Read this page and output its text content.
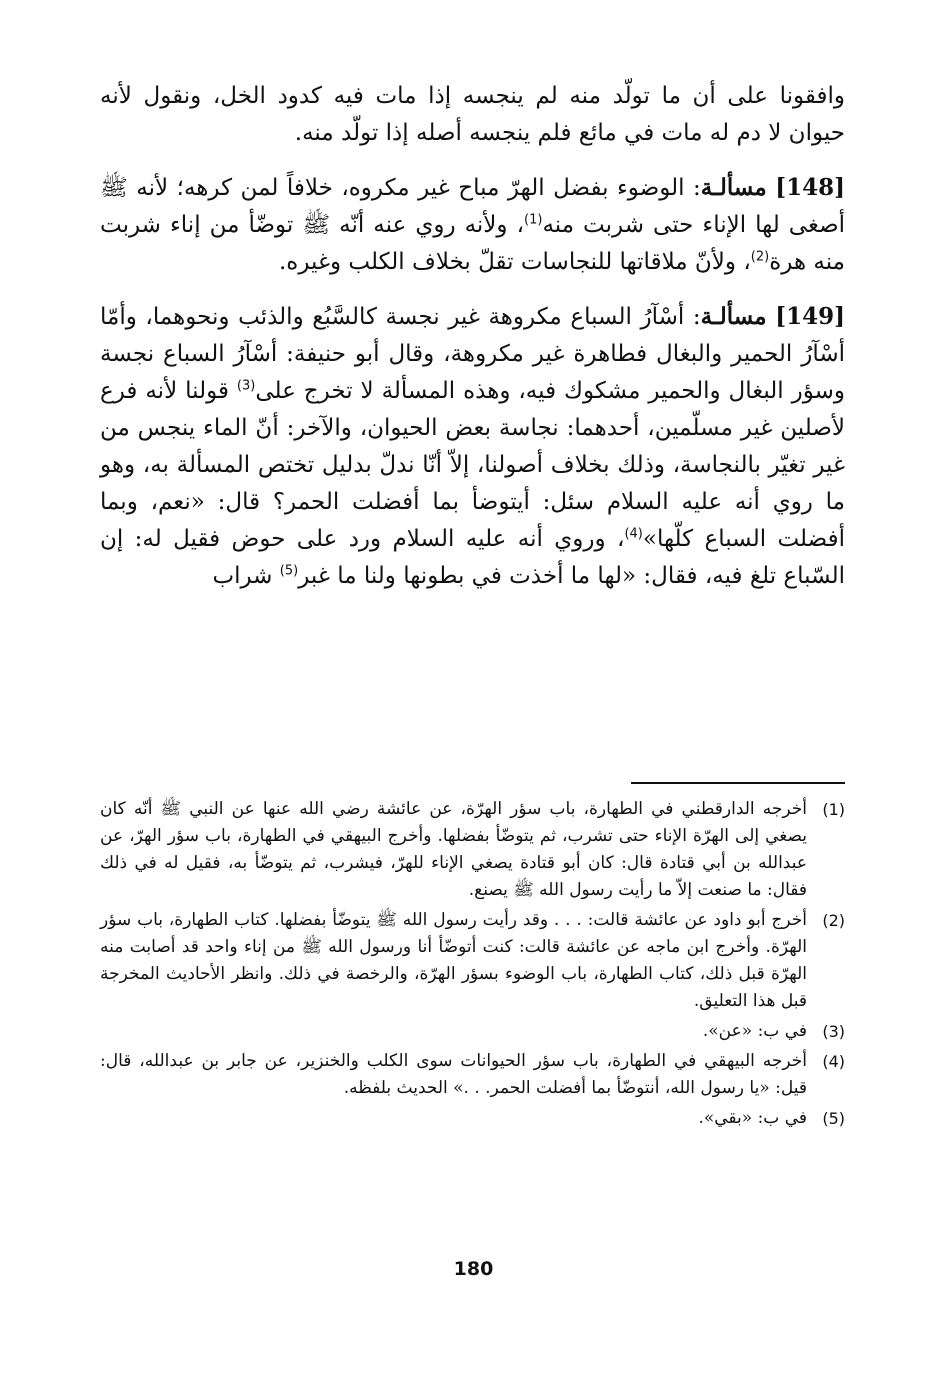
وافقونا على أن ما تولّد منه لم ينجسه إذا مات فيه كدود الخل، ونقول لأنه حيوان لا دم له مات في مائع فلم ينجسه أصله إذا تولّد منه.

[148] مسألـة: الوضوء بفضل الهرّ مباح غير مكروه، خلافاً لمن كرهه؛ لأنه ﷺ أصغى لها الإناء حتى شربت منه$^{(1)}$، ولأنه روي عنه أنّه ﷺ توضّأ من إناء شربت منه هرة$^{(2)}$، ولأنّ ملاقاتها للنجاسات تقلّ بخلاف الكلب وغيره.

[149] مسألـة: أسْآرُ السباع مكروهة غير نجسة كالسَّبُع والذئب ونحوهما، وأمّا أسْآرُ الحمير والبغال فطاهرة غير مكروهة، وقال أبو حنيفة: أسْآرُ السباع نجسة وسؤر البغال والحمير مشكوك فيه، وهذه المسألة لا تخرج على$^{(3)}$ قولنا لأنه فرع لأصلين غير مسلّمين، أحدهما: نجاسة بعض الحيوان، والآخر: أنّ الماء ينجس من غير تغيّر بالنجاسة، وذلك بخلاف أصولنا، إلاّ أنّا ندلّ بدليل تختص المسألة به، وهو ما روي أنه عليه السلام سئل: أيتوضأ بما أفضلت الحمر؟ قال: «نعم، وبما أفضلت السباع كلّها»$^{(4)}$، وروي أنه عليه السلام ورد على حوض فقيل له: إن السّباع تلغ فيه، فقال: «لها ما أخذت في بطونها ولنا ما غبر$^{(5)}$ شراب

(1)
أخرجه الدارقطني في الطهارة، باب سؤر الهرّة، عن عائشة رضي الله عنها عن النبي ﷺ أنّه كان يصغي إلى الهرّة الإناء حتى تشرب، ثم يتوضّأ بفضلها. وأخرج البيهقي في الطهارة، باب سؤر الهرّ، عن عبدالله بن أبي قتادة قال: كان أبو قتادة يصغي الإناء للهرّ، فيشرب، ثم يتوضّأ به، فقيل له في ذلك فقال: ما صنعت إلاّ ما رأيت رسول الله ﷺ يصنع.
(2)
أخرج أبو داود عن عائشة قالت: . . . وقد رأيت رسول الله ﷺ يتوضّأ بفضلها. كتاب الطهارة، باب سؤر الهرّة. وأخرج ابن ماجه عن عائشة قالت: كنت أتوضّأ أنا ورسول الله ﷺ من إناء واحد قد أصابت منه الهرّة قبل ذلك، كتاب الطهارة، باب الوضوء بسؤر الهرّة، والرخصة في ذلك. وانظر الأحاديث المخرجة قبل هذا التعليق.
(3)
في ب: «عن».
(4)
أخرجه البيهقي في الطهارة، باب سؤر الحيوانات سوى الكلب والخنزير، عن جابر بن عبدالله، قال: قيل: «يا رسول الله، أنتوضّأ بما أفضلت الحمر. . .» الحديث بلفظه.
(5)
في ب: «بقي».
180
